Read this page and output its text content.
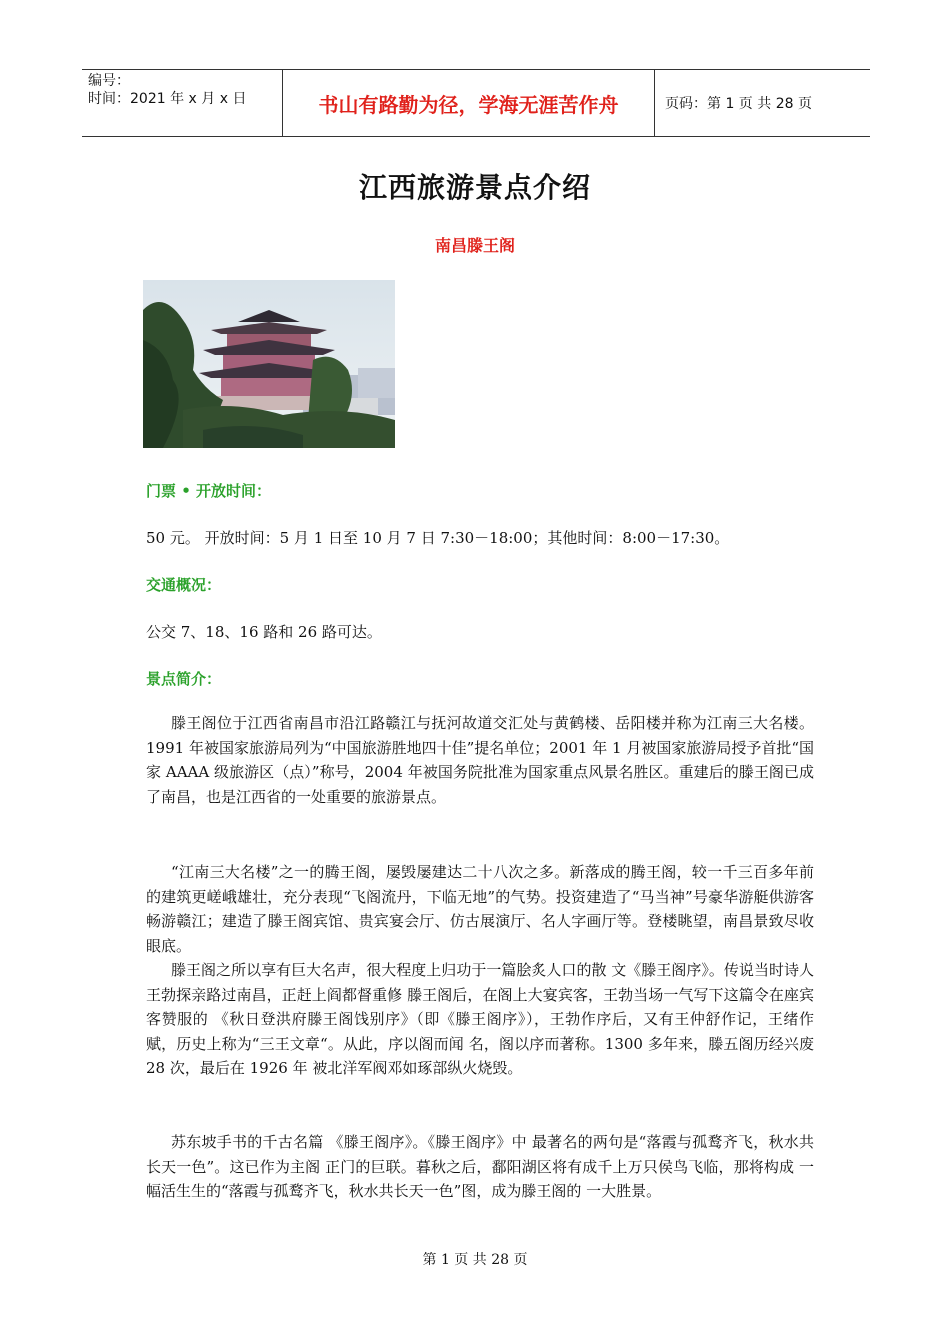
编号：
时间：2021 年 x 月 x 日	书山有路勤为径，学海无涯苦作舟	页码：第 1 页 共 28 页
江西旅游景点介绍
南昌滕王阁
门票 • 开放时间：
50 元。 开放时间：5 月 1 日至 10 月 7 日 7:30－18:00；其他时间：8:00－17:30。
交通概况：
公交 7、18、16 路和 26 路可达。
景点简介：

滕王阁位于江西省南昌市沿江路赣江与抚河故道交汇处与黄鹤楼、岳阳楼并称为江南三大名楼。1991 年被国家旅游局列为“中国旅游胜地四十佳”提名单位；2001 年 1 月被国家旅游局授予首批“国家 AAAA 级旅游区（点）”称号，2004 年被国务院批准为国家重点风景名胜区。重建后的滕王阁已成了南昌，也是江西省的一处重要的旅游景点。

“江南三大名楼”之一的腾王阁，屡毁屡建达二十八次之多。新落成的腾王阁，较一千三百多年前的建筑更嵯峨雄壮，充分表现“飞阁流丹，下临无地”的气势。投资建造了“马当神”号豪华游艇供游客畅游赣江；建造了滕王阁宾馆、贵宾宴会厅、仿古展演厅、名人字画厅等。登楼眺望，南昌景致尽收眼底。

滕王阁之所以享有巨大名声，很大程度上归功于一篇脍炙人口的散 文《滕王阁序》。传说当时诗人王勃探亲路过南昌，正赶上阎都督重修 滕王阁后，在阁上大宴宾客，王勃当场一气写下这篇令在座宾客赞服的 《秋日登洪府滕王阁饯别序》（即《滕王阁序》），王勃作序后，又有王仲舒作记，王绪作赋，历史上称为“三王文章“。从此，序以阁而闻 名，阁以序而著称。1300 多年来，滕五阁历经兴废 28 次，最后在 1926 年 被北洋军阀邓如琢部纵火烧毁。

苏东坡手书的千古名篇 《滕王阁序》。《滕王阁序》中 最著名的两句是“落霞与孤鹜齐飞，秋水共长天一色”。这已作为主阁 正门的巨联。暮秋之后，鄱阳湖区将有成千上万只侯鸟飞临，那将构成 一幅活生生的“落霞与孤鹜齐飞，秋水共长天一色”图，成为滕王阁的 一大胜景。

第 1 页 共 28 页
